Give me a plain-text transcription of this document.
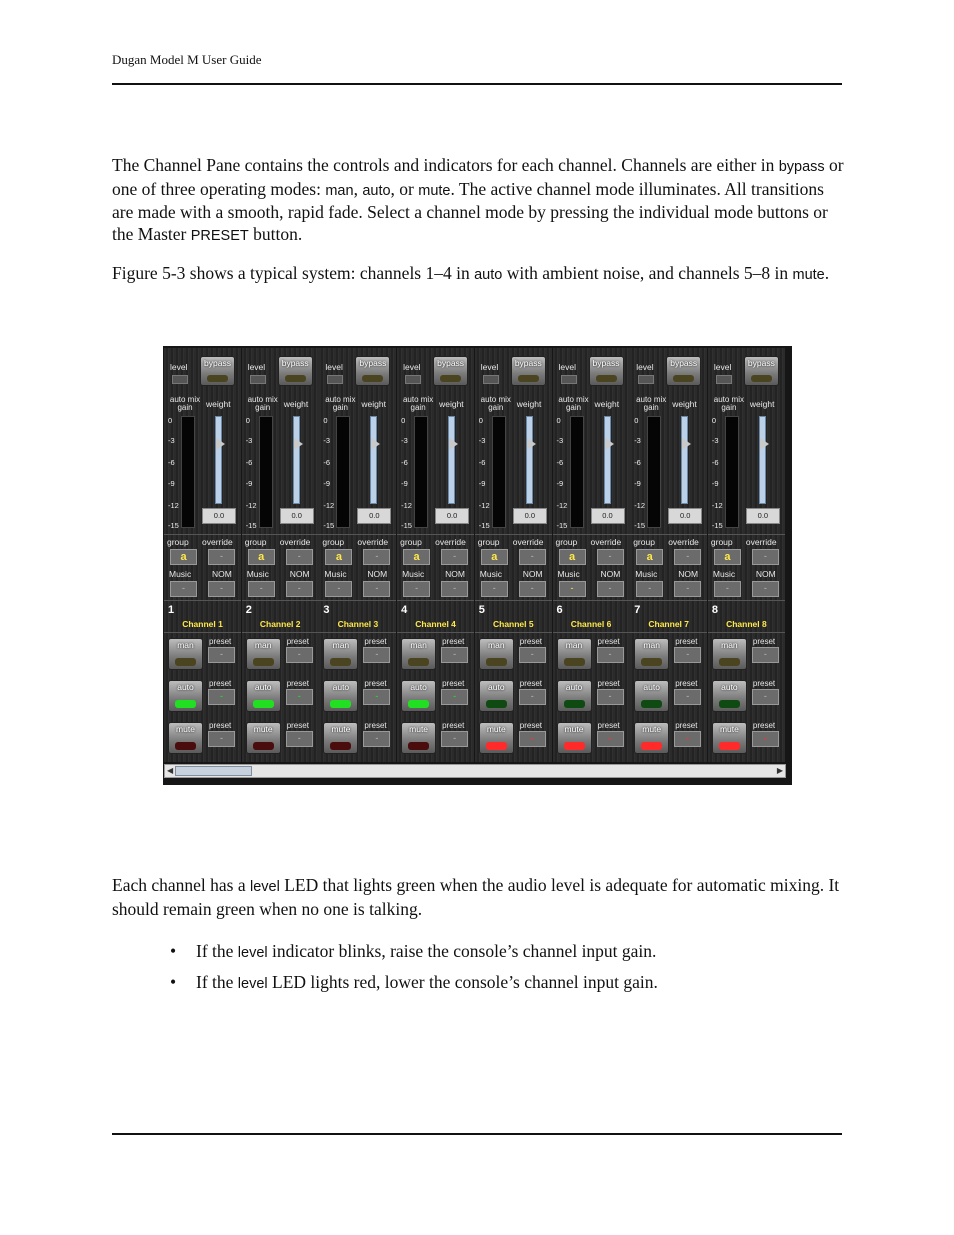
Dugan Model M User Guide
The Channel Pane contains the controls and indicators for each channel. Channels are either in bypass or one of three operating modes: man, auto, or mute. The active channel mode illuminates. All transitions are made with a smooth, rapid fade. Select a channel mode by pressing the individual mode buttons or the Master PRESET button.
Figure 5-3 shows a typical system: channels 1–4 in auto with ambient noise, and channels 5–8 in mute.
level	bypass
auto mix
gain	weight
0
-3
-6
-9
-12
-15
0.0
group override
a	-
Music NOM
-	-
8
Channel 8
man	preset
-
auto	preset
-
mute	preset
-
level	bypass
auto mix
gain	weight
0
-3
-6
-9
-12
-15
0.0
group override
a	-
Music NOM
-	-
7
Channel 7
man	preset
-
auto	preset
-
mute	preset
-
level	bypass
auto mix
gain	weight
0
-3
-6
-9
-12
-15
0.0
group override
a	-
Music NOM
-	-
6
Channel 6
man	preset
-
auto	preset
-
mute	preset
-
level	bypass
auto mix
gain	weight
0
-3
-6
-9
-12
-15
0.0
group override
a	-
Music NOM
-	-
5
Channel 5
man	preset
-
auto	preset
-
mute	preset
-
level	bypass
auto mix
gain	weight
0
-3
-6
-9
-12
-15
0.0
group override
a	-
Music NOM
-	-
4
Channel 4
man	preset
-
auto	preset
-
mute	preset
-
level	bypass
auto mix
gain	weight
0
-3
-6
-9
-12
-15
0.0
group override
a	-
Music NOM
-	-
3
Channel 3
man	preset
-
auto	preset
-
mute	preset
-
level	bypass
auto mix
gain	weight
0
-3
-6
-9
-12
-15
0.0
group override
a	-
Music NOM
-	-
2
Channel 2
man	preset
-
auto	preset
-
mute	preset
-
level	bypass
auto mix
gain	weight
0
-3
-6
-9
-12
-15
0.0
group override
a	-
Music NOM
-	-
1
Channel 1
man	preset
-
auto	preset
-
mute	preset
-
◀	▶
Each channel has a level LED that lights green when the audio level is adequate for automatic mixing. It should remain green when no one is talking.
• If the level indicator blinks, raise the console’s channel input gain.
• If the level LED lights red, lower the console’s channel input gain.
